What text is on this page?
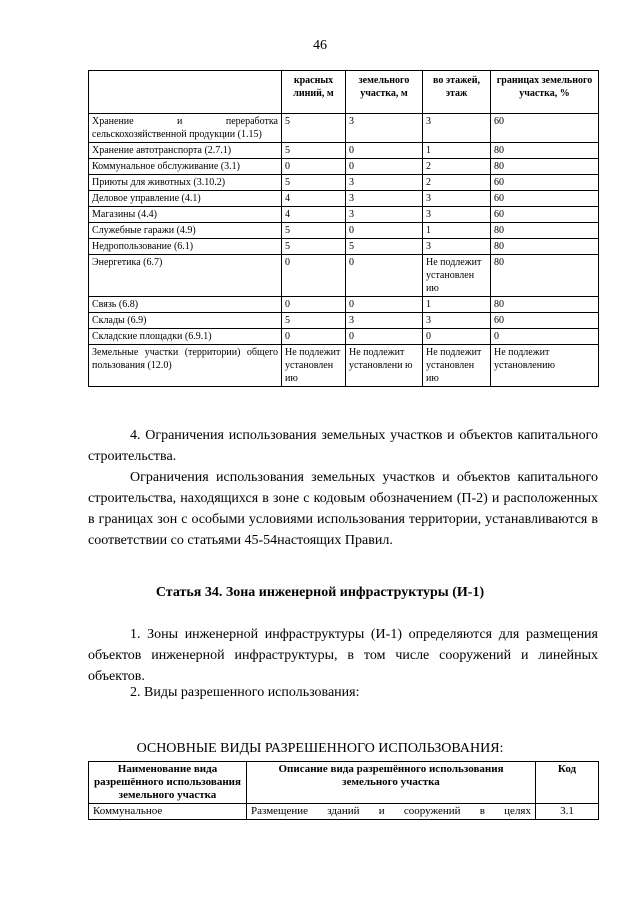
46
	красных линий, м	земельного участка, м	во этажей, этаж	границах земельного участка, %
Хранение и переработка сельскохозяйственной продукции (1.15)	5	3	3	60
Хранение автотранспорта (2.7.1)	5	0	1	80
Коммунальное обслуживание (3.1)	0	0	2	80
Приюты для животных (3.10.2)	5	3	2	60
Деловое управление (4.1)	4	3	3	60
Магазины (4.4)	4	3	3	60
Служебные гаражи (4.9)	5	0	1	80
Недропользование (6.1)	5	5	3	80
Энергетика (6.7)	0	0	Не подлежит установлен ию	80
Связь (6.8)	0	0	1	80
Склады (6.9)	5	3	3	60
Складские площадки (6.9.1)	0	0	0	0
Земельные участки (территории) общего пользования (12.0)	Не подлежит установлен ию	Не подлежит установлени ю	Не подлежит установлен ию	Не подлежит установлению
4. Ограничения использования земельных участков и объектов капитального строительства.
Ограничения использования земельных участков и объектов капитального строительства, находящихся в зоне с кодовым обозначением (П-2) и расположенных в границах зон с особыми условиями использования территории, устанавливаются в соответствии со статьями 45-54настоящих Правил.
Статья 34. Зона инженерной инфраструктуры (И-1)
1. Зоны инженерной инфраструктуры (И-1) определяются для размещения объектов инженерной инфраструктуры, в том числе сооружений и линейных объектов.
2. Виды разрешенного использования:
ОСНОВНЫЕ ВИДЫ РАЗРЕШЕННОГО ИСПОЛЬЗОВАНИЯ:
Наименование вида разрешённого использования земельного участка	Описание вида разрешённого использования земельного участка	Код
Коммунальное	Размещение зданий и сооружений в целях	3.1
